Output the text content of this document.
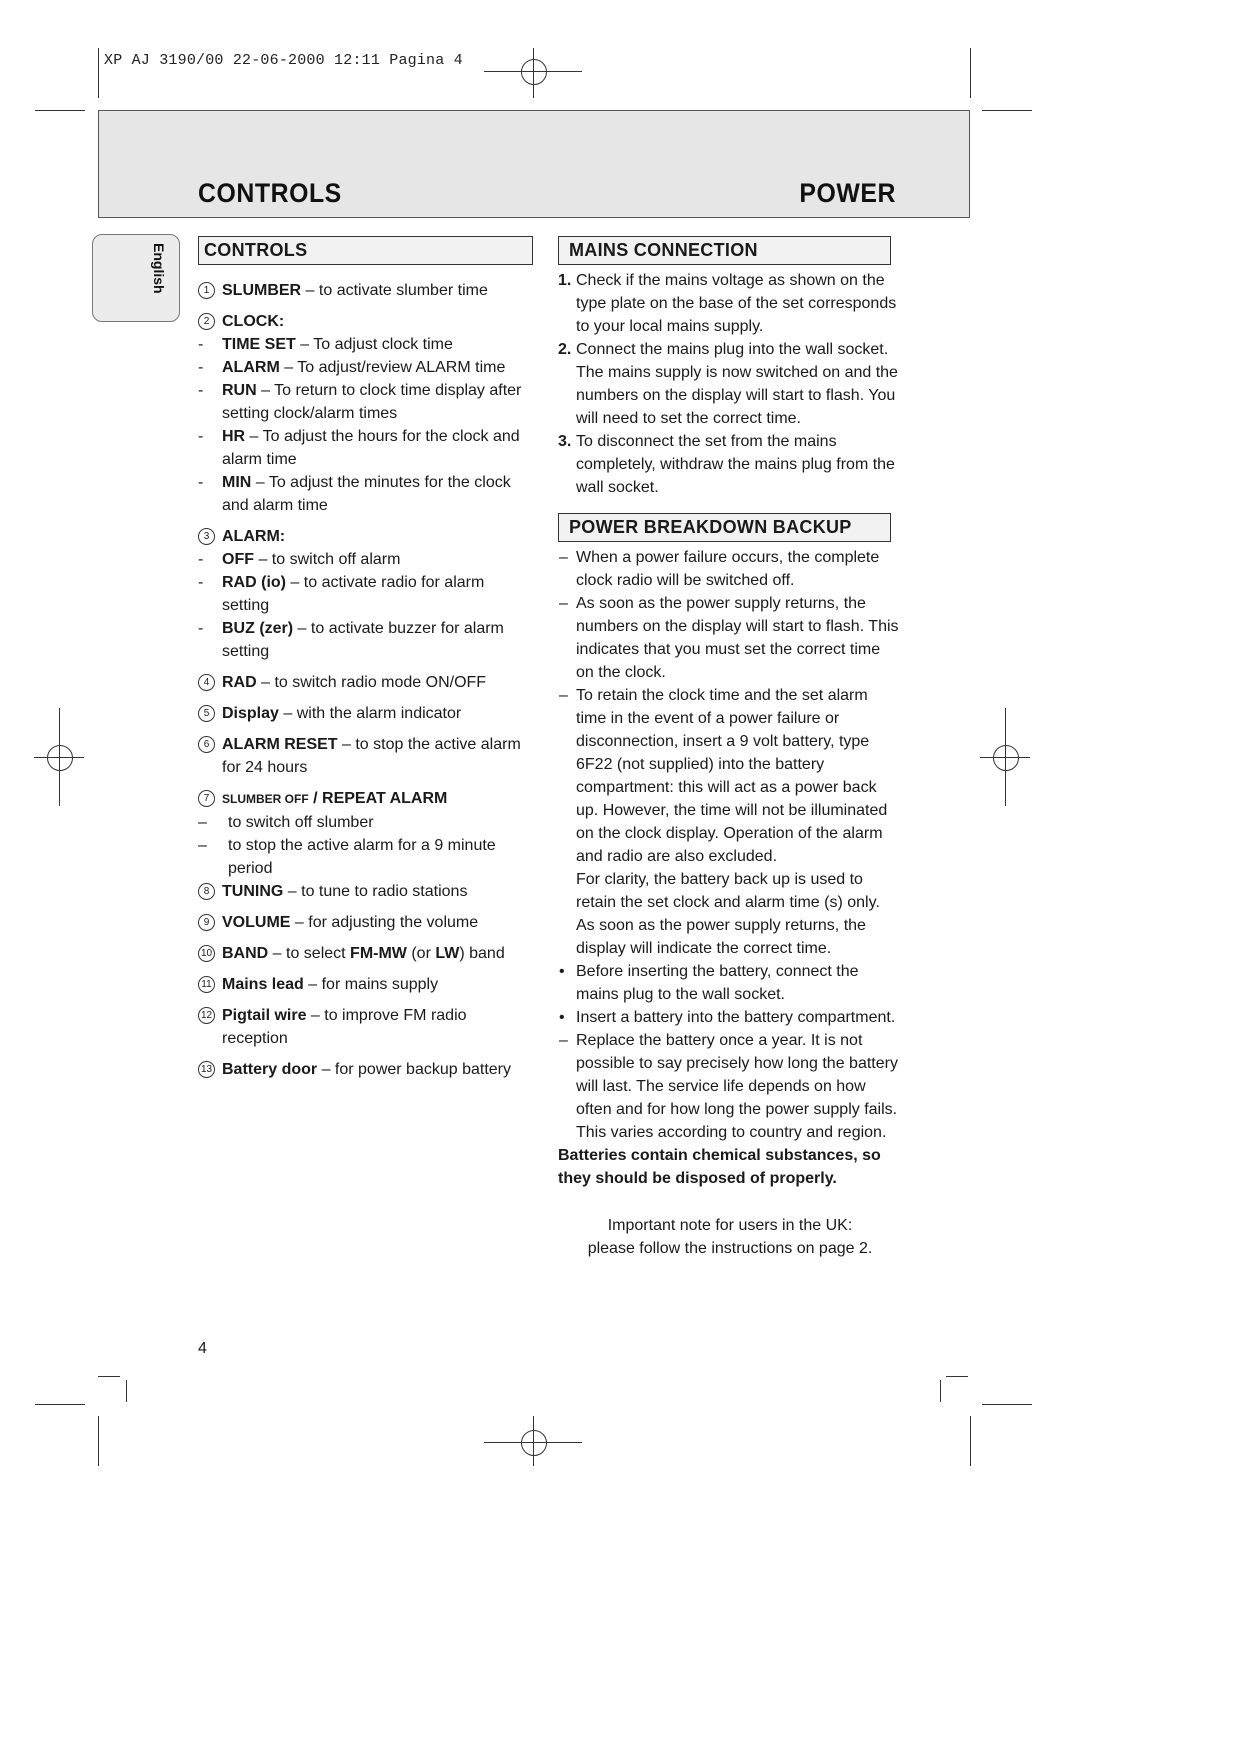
XP AJ 3190/00 22-06-2000 12:11 Pagina 4
CONTROLS	POWER
English	CONTROLS
1 SLUMBER – to activate slumber time
2 CLOCK:
- TIME SET – To adjust clock time
- ALARM – To adjust/review ALARM time
- RUN – To return to clock time display after setting clock/alarm times
- HR – To adjust the hours for the clock and alarm time
- MIN – To adjust the minutes for the clock and alarm time
3 ALARM:
- OFF – to switch off alarm
- RAD (io) – to activate radio for alarm setting
- BUZ (zer) – to activate buzzer for alarm setting
4 RAD – to switch radio mode ON/OFF
5 Display – with the alarm indicator
6 ALARM RESET – to stop the active alarm for 24 hours
7	SLUMBER OFF / REPEAT ALARM
– to switch off slumber
–	to stop the active alarm for a 9 minute period
8 TUNING – to tune to radio stations
9 VOLUME – for adjusting the volume
10 BAND – to select FM-MW (or LW) band
11 Mains lead – for mains supply
12 Pigtail wire – to improve FM radio reception
13 Battery door – for power backup battery
MAINS CONNECTION
1. Check if the mains voltage as shown on the type plate on the base of the set corresponds to your local mains supply.
2. Connect the mains plug into the wall socket. The mains supply is now switched on and the numbers on the display will start to flash. You will need to set the correct time.
3. To disconnect the set from the mains completely, withdraw the mains plug from the wall socket.
POWER BREAKDOWN BACKUP
– When a power failure occurs, the complete clock radio will be switched off.
– As soon as the power supply returns, the numbers on the display will start to flash. This indicates that you must set the correct time on the clock.
– To retain the clock time and the set alarm time in the event of a power failure or disconnection, insert a 9 volt battery, type 6F22 (not supplied) into the battery compartment: this will act as a power back up. However, the time will not be illuminated on the clock display. Operation of the alarm and radio are also excluded.
For clarity, the battery back up is used to retain the set clock and alarm time (s) only.
As soon as the power supply returns, the display will indicate the correct time.
• Before inserting the battery, connect the mains plug to the wall socket.
• Insert a battery into the battery compartment.
– Replace the battery once a year. It is not possible to say precisely how long the battery will last. The service life depends on how often and for how long the power supply fails. This varies according to country and region.
Batteries contain chemical substances, so they should be disposed of properly.
Important note for users in the UK:
please follow the instructions on page 2.
4
